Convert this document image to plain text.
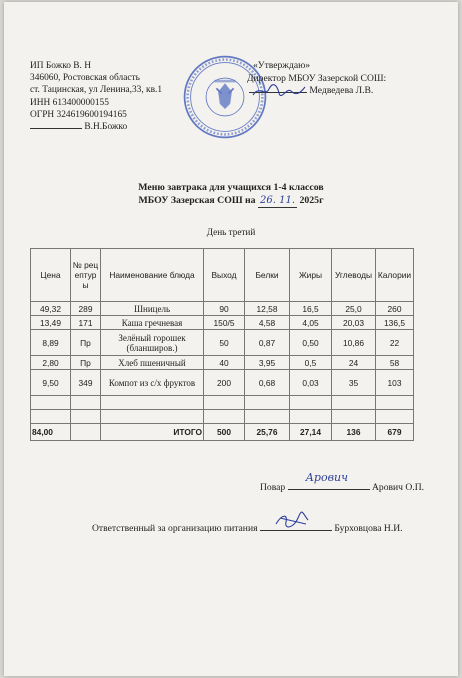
ИП Божко В. Н
346060, Ростовская область
ст. Тацинская, ул Ленина,33, кв.1
ИНН 613400000155
ОГРН 324619600194165
В.Н.Божко
«Утверждаю»
Директор МБОУ Зазерской СОШ:
Медведева Л.В.
Меню завтрака для учащихся 1-4 классов
МБОУ Зазерская СОШ на 26. 11. 2025г
День третий
Цена	№ рецептуры	Наименование блюда	Выход	Белки	Жиры	Углеводы	Калории
49,32	289	Шницель	90	12,58	16,5	25,0	260
13,49	171	Каша гречневая	150/5	4,58	4,05	20,03	136,5
8,89	Пр	Зелёный горошек (бланширов.)	50	0,87	0,50	10,86	22
2,80	Пр	Хлеб пшеничный	40	3,95	0,5	24	58
9,50	349	Компот из с/х фруктов	200	0,68	0,03	35	103

84,00		ИТОГО	500	25,76	27,14	136	679
Повар
Арович
Арович О.П.
Ответственный за организацию питания	Бурховцова Н.И.
